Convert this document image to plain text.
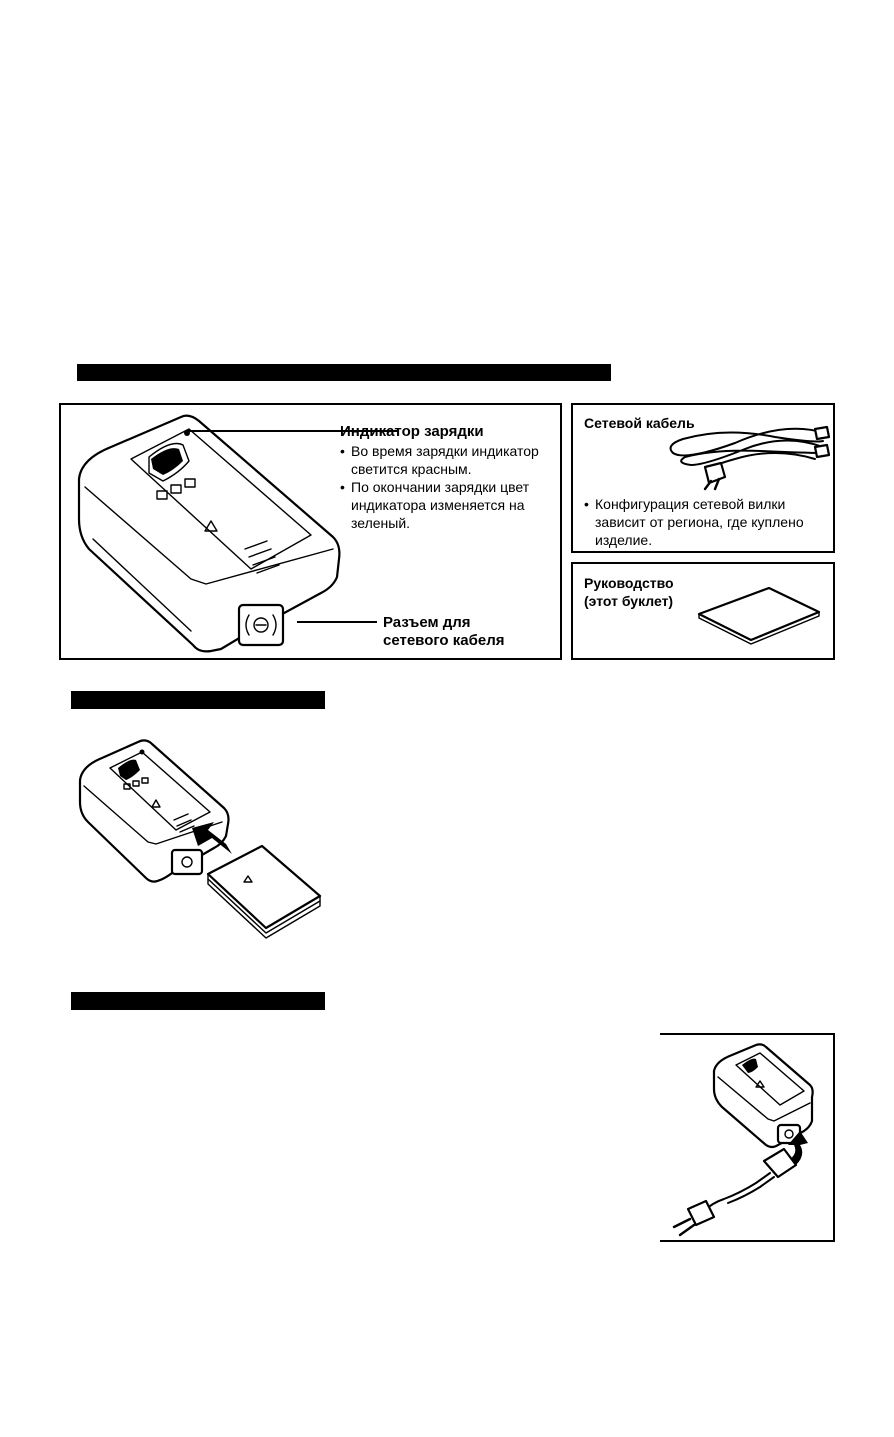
Индикатор зарядки
• Во время зарядки индикатор светится красным.
• По окончании зарядки цвет индикатора изменяется на зеленый.
Разъем для
сетевого кабеля
Сетевой кабель
• Конфигурация сетевой вилки зависит от региона, где куплено изделие.
Руководство
(этот буклет)
